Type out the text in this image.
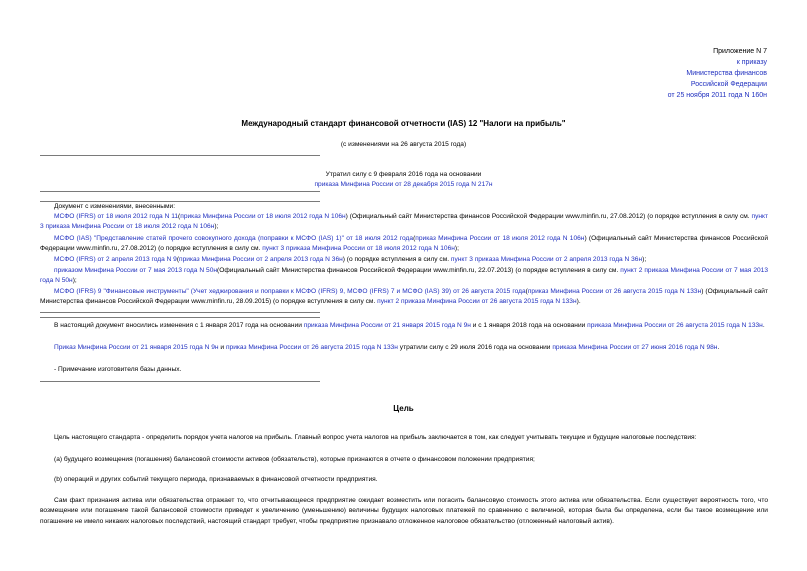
Приложение N 7
к приказу
Министерства финансов
Российской Федерации
от 25 ноября 2011 года N 160н
Международный стандарт финансовой отчетности (IAS) 12 "Налоги на прибыль"
(с изменениями на 26 августа 2015 года)
Утратил силу с 9 февраля 2016 года на основании
приказа Минфина России от 28 декабря 2015 года N 217н
Документ с изменениями, внесенными:
МСФО (IFRS) от 18 июля 2012 года N 11(приказ Минфина России от 18 июля 2012 года N 106н) (Официальный сайт Министерства финансов Российской Федерации www.minfin.ru, 27.08.2012) (о порядке вступления в силу см. пункт 3 приказа Минфина России от 18 июля 2012 года N 106н);
МСФО (IAS) "Представление статей прочего совокупного дохода (поправки к МСФО (IAS) 1)" от 18 июля 2012 года(приказ Минфина России от 18 июля 2012 года N 106н) (Официальный сайт Министерства финансов Российской Федерации www.minfin.ru, 27.08.2012) (о порядке вступления в силу см. пункт 3 приказа Минфина России от 18 июля 2012 года N 106н);
МСФО (IFRS) от 2 апреля 2013 года N 9(приказ Минфина России от 2 апреля 2013 года N 36н) (о порядке вступления в силу см. пункт 3 приказа Минфина России от 2 апреля 2013 года N 36н);
приказом Минфина России от 7 мая 2013 года N 50н(Официальный сайт Министерства финансов Российской Федерации www.minfin.ru, 22.07.2013) (о порядке вступления в силу см. пункт 2 приказа Минфина России от 7 мая 2013 года N 50н);
МСФО (IFRS) 9 "Финансовые инструменты" (Учет хеджирования и поправки к МСФО (IFRS) 9, МСФО (IFRS) 7 и МСФО (IAS) 39) от 26 августа 2015 года(приказ Минфина России от 26 августа 2015 года N 133н) (Официальный сайт Министерства финансов Российской Федерации www.minfin.ru, 28.09.2015) (о порядке вступления в силу см. пункт 2 приказа Минфина России от 26 августа 2015 года N 133н).
В настоящий документ вносились изменения с 1 января 2017 года на основании приказа Минфина России от 21 января 2015 года N 9н и с 1 января 2018 года на основании приказа Минфина России от 26 августа 2015 года N 133н.
Приказ Минфина России от 21 января 2015 года N 9н и приказ Минфина России от 26 августа 2015 года N 133н утратили силу с 29 июля 2016 года на основании приказа Минфина России от 27 июня 2016 года N 98н.
- Примечание изготовителя базы данных.
Цель
Цель настоящего стандарта - определить порядок учета налогов на прибыль. Главный вопрос учета налогов на прибыль заключается в том, как следует учитывать текущие и будущие налоговые последствия:
(а) будущего возмещения (погашения) балансовой стоимости активов (обязательств), которые признаются в отчете о финансовом положении предприятия;
(b) операций и других событий текущего периода, признаваемых в финансовой отчетности предприятия.
Сам факт признания актива или обязательства отражает то, что отчитывающееся предприятие ожидает возместить или погасить балансовую стоимость этого актива или обязательства. Если существует вероятность того, что возмещение или погашение такой балансовой стоимости приведет к увеличению (уменьшению) величины будущих налоговых платежей по сравнению с величиной, которая была бы определена, если бы такое возмещение или погашение не имело никаких налоговых последствий, настоящий стандарт требует, чтобы предприятие признавало отложенное налоговое обязательство (отложенный налоговый актив).
